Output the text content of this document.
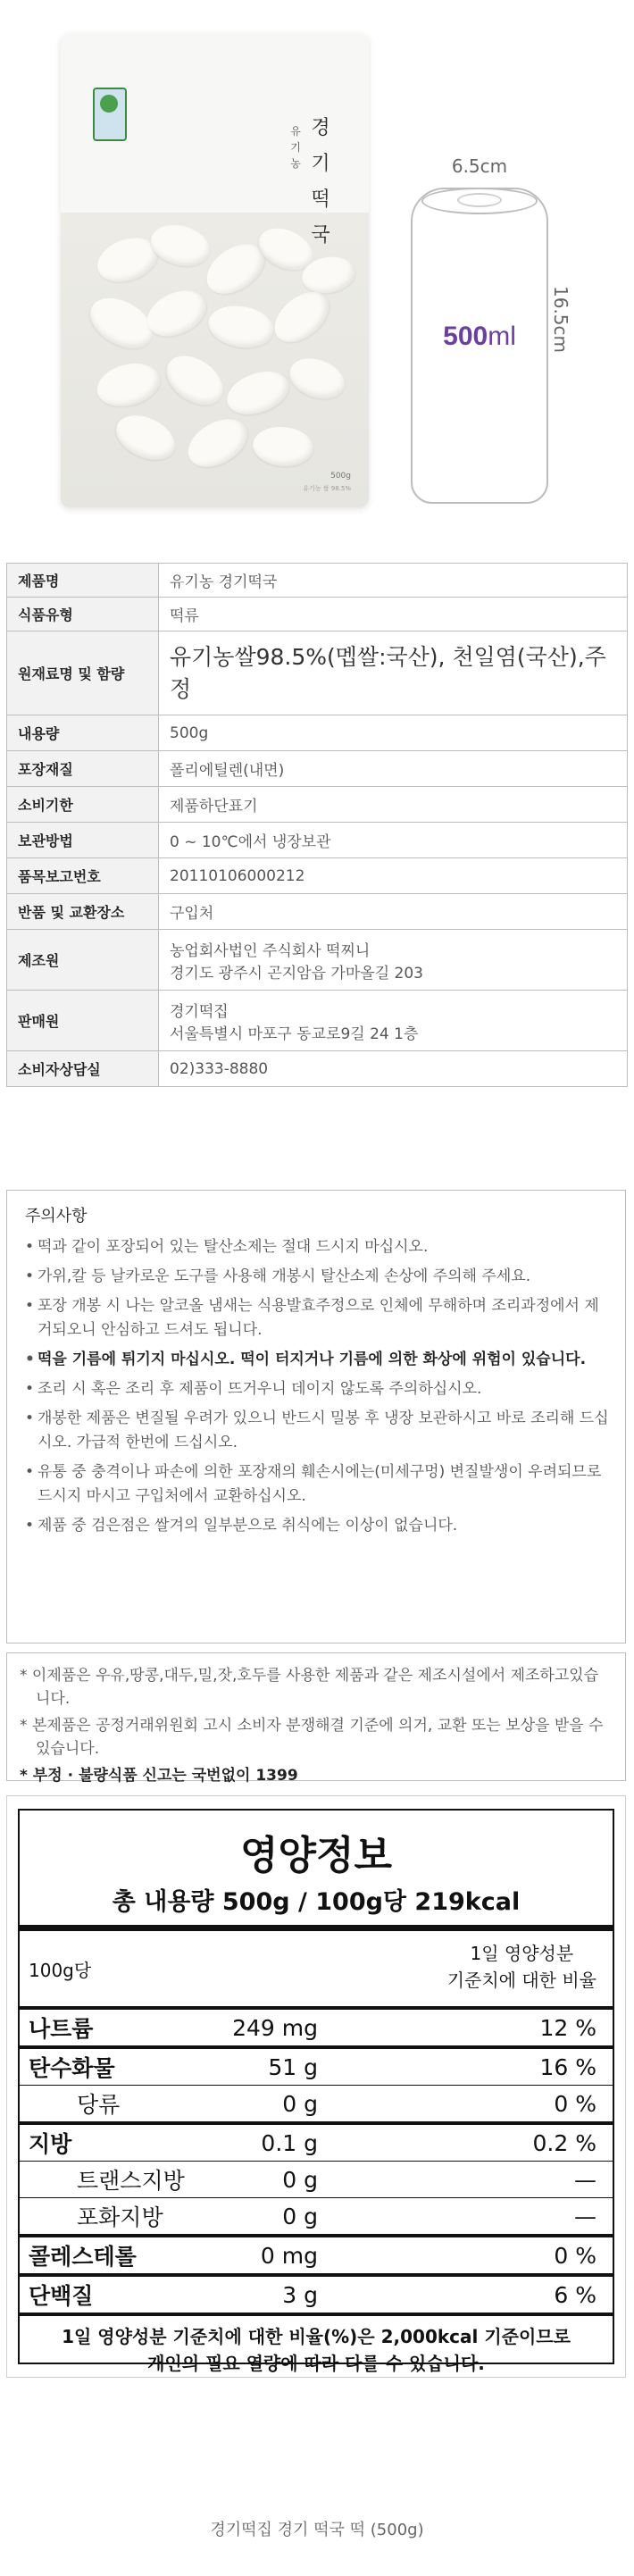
유기농
경기떡국
500g
유기농 쌀 98.5%
6.5cm
500ml	16.5cm
제품명	유기농 경기떡국
식품유형	떡류
원재료명 및 함량	유기농쌀98.5%(멥쌀:국산), 천일염(국산),주정
내용량	500g
포장재질	폴리에틸렌(내면)
소비기한	제품하단표기
보관방법	0 ~ 10℃에서 냉장보관
품목보고번호	20110106000212
반품 및 교환장소	구입처
제조원	농업회사법인 주식회사 떡찌니
경기도 광주시 곤지암읍 가마올길 203

판매원	경기떡집
서울특별시 마포구 동교로9길 24 1층

소비자상담실	02)333-8880
주의사항
• 떡과 같이 포장되어 있는 탈산소제는 절대 드시지 마십시오.
• 가위,칼 등 날카로운 도구를 사용해 개봉시 탈산소제 손상에 주의해 주세요.
• 포장 개봉 시 나는 알코올 냄새는 식용발효주정으로 인체에 무해하며 조리과정에서 제거되오니 안심하고 드셔도 됩니다.
• 떡을 기름에 튀기지 마십시오. 떡이 터지거나 기름에 의한 화상에 위험이 있습니다.
• 조리 시 혹은 조리 후 제품이 뜨거우니 데이지 않도록 주의하십시오.
• 개봉한 제품은 변질될 우려가 있으니 반드시 밀봉 후 냉장 보관하시고 바로 조리해 드십시오. 가급적 한번에 드십시오.
• 유통 중 충격이나 파손에 의한 포장재의 훼손시에는(미세구멍) 변질발생이 우려되므로 드시지 마시고 구입처에서 교환하십시오.
• 제품 중 검은점은 쌀겨의 일부분으로 취식에는 이상이 없습니다.

* 이제품은 우유,땅콩,대두,밀,잣,호두를 사용한 제품과 같은 제조시설에서 제조하고있습니다.

* 본제품은 공정거래위원회 고시 소비자 분쟁해결 기준에 의거, 교환 또는 보상을 받을 수 있습니다.

* 부정 · 불량식품 신고는 국번없이 1399

영양정보
총 내용량 500g / 100g당 219kcal
100g당
1일 영양성분
기준치에 대한 비율
나트륨	249 mg	12 %
탄수화물	51 g	16 %
당류	0 g	0 %
지방	0.1 g	0.2 %
트랜스지방	0 g	—
포화지방	0 g	—
콜레스테롤	0 mg	0 %
단백질	3 g	6 %
1일 영양성분 기준치에 대한 비율(%)은 2,000kcal 기준이므로
개인의 필요 열량에 따라 다를 수 있습니다.
경기떡집 경기 떡국 떡 (500g)
